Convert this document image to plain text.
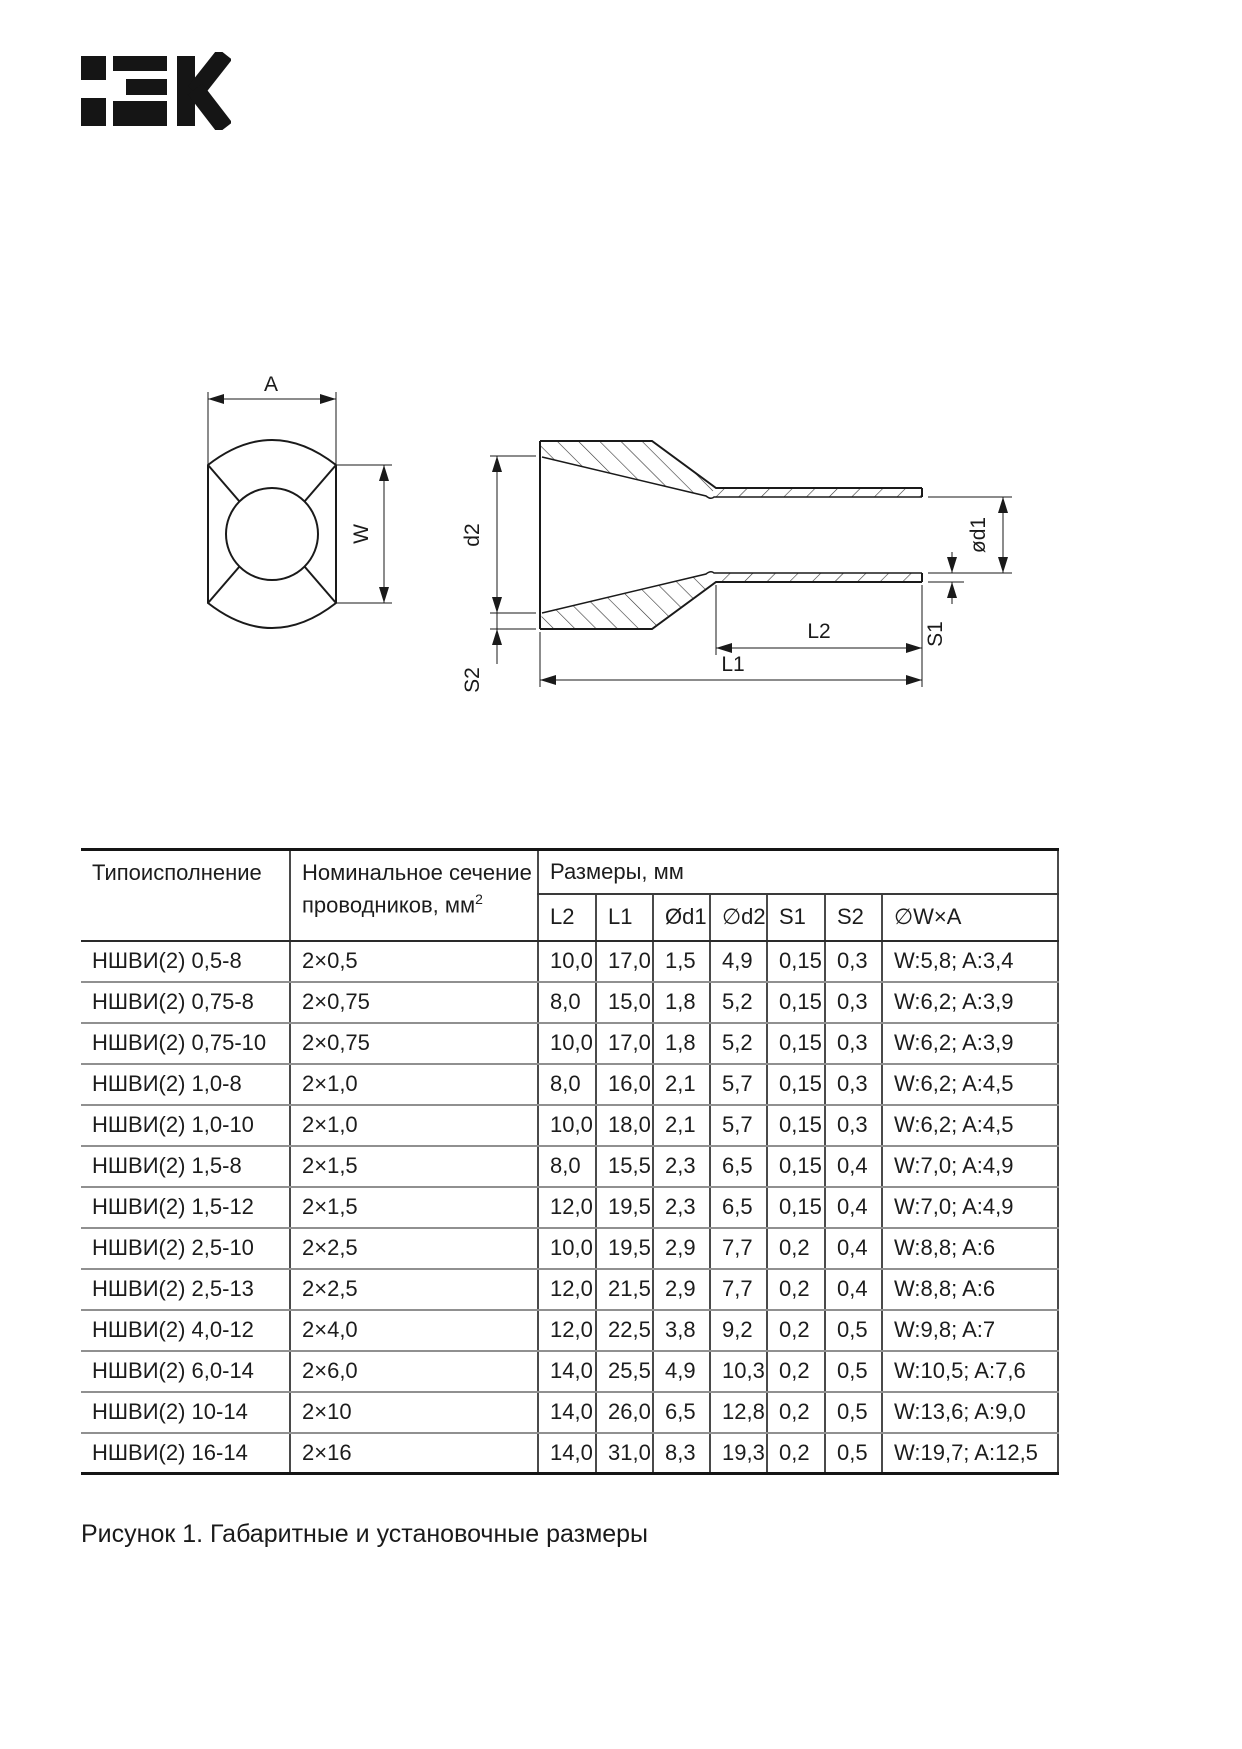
A
W	d2
S2
ød1
S1
L2
L1
Типоисполнение	Номинальное сечение проводников, $мм^2$	Размеры, мм						
		L2	L1	Ød1	∅d2	S1	S2	∅W×A
НШВИ(2) 0,5-8	2×0,5	10,0	17,0	1,5	4,9	0,15	0,3	W:5,8; A:3,4
НШВИ(2) 0,75-8	2×0,75	8,0	15,0	1,8	5,2	0,15	0,3	W:6,2; A:3,9
НШВИ(2) 0,75-10	2×0,75	10,0	17,0	1,8	5,2	0,15	0,3	W:6,2; A:3,9
НШВИ(2) 1,0-8	2×1,0	8,0	16,0	2,1	5,7	0,15	0,3	W:6,2; A:4,5
НШВИ(2) 1,0-10	2×1,0	10,0	18,0	2,1	5,7	0,15	0,3	W:6,2; A:4,5
НШВИ(2) 1,5-8	2×1,5	8,0	15,5	2,3	6,5	0,15	0,4	W:7,0; A:4,9
НШВИ(2) 1,5-12	2×1,5	12,0	19,5	2,3	6,5	0,15	0,4	W:7,0; A:4,9
НШВИ(2) 2,5-10	2×2,5	10,0	19,5	2,9	7,7	0,2	0,4	W:8,8; A:6
НШВИ(2) 2,5-13	2×2,5	12,0	21,5	2,9	7,7	0,2	0,4	W:8,8; A:6
НШВИ(2) 4,0-12	2×4,0	12,0	22,5	3,8	9,2	0,2	0,5	W:9,8; A:7
НШВИ(2) 6,0-14	2×6,0	14,0	25,5	4,9	10,3	0,2	0,5	W:10,5; A:7,6
НШВИ(2) 10-14	2×10	14,0	26,0	6,5	12,8	0,2	0,5	W:13,6; A:9,0
НШВИ(2) 16-14	2×16	14,0	31,0	8,3	19,3	0,2	0,5	W:19,7; A:12,5
Рисунок 1. Габаритные и установочные размеры
